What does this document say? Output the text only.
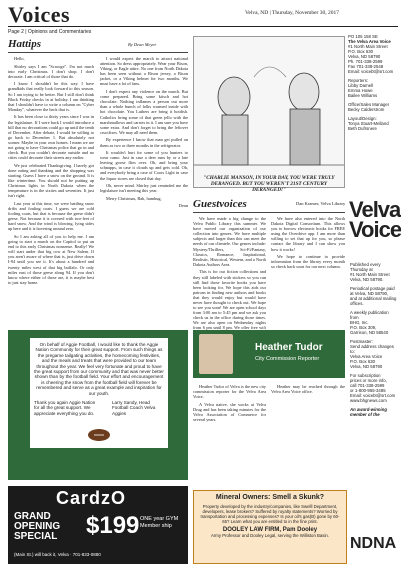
Voices	Velva, ND | Thursday, November 30, 2017
Page 2 | Opinions and Commentaries
Hattips	By Dean Meyer

Hello,

Shirley says I am "Scrooge". I'm not much into early Christmas. I don't shop. I don't decorate. I am critical of those that do.

I know I shouldn't be this way. I have grandkids that really look forward to this season. So I am trying to be better. But I still don't think Black Friday checks in at holiday. I am thinking that I shouldn't have to write a column on "Cyber Monday", whatever the heck that is.

It has been close to thirty years since I was in the legislature. If I were back I would introduce a bill that no decorations could go up until the tenth of December. After debate, I would be willing to go back to December 1. But absolutely not sooner. Maybe in your own homes. I mean we are not going to have Christmas police that go in and check. But you couldn't decorate outside and no cities could decorate their streets any earlier.

We just celebrated Thanksgiving. I barely got done eating and thanking and the shopping was starting. Guess I have a snow on the ground. It is like wintertime. You should not be putting up Christmas lights in North Dakota when the temperature is in the sixties and seventies. It just isn't right.

Last year at this time, we were battling snow drifts and fouling coats. I guess we are cold fooling coats, but that is because the geese didn't geese. Not because it is covered with two-feet of hard snow. And the wind is blowing, lying sides up here and it is hovering around zero.

So I am asking all of you to help me. I am going to start a march on the Capitol to put an end to this early Christmas nonsense. Really! We will start under that big cow at New Salem. If you aren't aware of where that is, just drive down I-94 until you see it. It's about a hundred and twenty miles west of that big buffalo. Or only miles east of those geese along 94. If you don't know where either of those are, it is maybe best to just stay home.

I would expect the march to attract national attention. So dress appropriately. Wear your Bison, Viking, or Eagle attire. No one from North Dakota has been seen without a Bison jersey, a Bison jacket, or a Viking helmet for two months. We must have a lot of fans.

I don't expect any violence on the march. But come prepared. Bring some kitsch and hot chocolate. Nothing inflames a person out more than a whole bunch of folks warmed inside with hot chocolate. You Luthers are bring it hotdish. Catholics bring some of that green jello with the marshmallows and carrots in it. I am sure you have some extra. And don't forget to bring the leftover crucifixes. We may all need them.

By experience I know that man get pulled on them as two or three months in the refrigerator.

It wouldn't hurt for some of you hunters to wear camo. Just in case a deer runs by or a late leaving goose flies over. Oh, and bring your schnapps, in case it clouds up and gets cold. Oh, and everybody bring a case of Coors Light in case the liquor stores are closed that day.

Oh, never mind. Shirley just reminded me the legislature isn't meeting this year.

Merry Christmas, Bah, humbug,

Dean

"CHARLIE MANSON, IN YOUR DAY, YOU WERE TRULY DERANGED. BUT YOU WEREN'T 21ST CENTURY DERANGED!"
Guestvoices	Dan Kramer, Velva Library

We have made a big change to the Velva Public Library this summer. We have moved our organization of our collection into genres. We have multiple subjects and larger than this can meet the needs of our clientele. Our genres include: Mystery/Thrillers, Sci-Fi/Fantasy, Classics, Romance, Inspirational, Realistic, Historical, Western, and a North Dakota Authors Area.

This is for our fiction collections and they still labeled with stickers so you can still find those favorite books you have been looking for. We hope this aids our patrons in finding new authors and books that they would enjoy but would have never have thought to check out. We hope to see you soon! We are open school days from 3:00 am to 5:45 pm and we ask you check us in the office during those times. We are also open on Wednesday nights from 6 pm until 8 pm. We offer free wifi

We have also entered into the North Dakota Digital Consortium. This allows you to borrow electronic books for FREE using the Overdrive app. I am more than willing to set that up for you, so please contact the library and I can show you how it works!

We hope to continue to provide information from the library every month so check back soon for our next column.

On behalf of Aggie Football, I would like to thank the Aggie Nation Community for their great support. From such things as the pregame tailgating activities, the homecoming festivities, and the meals and treats that were provided to our team throughout the year. We feel very fortunate and proud to have the great support from our community and that was never better shown than by the football field. Your effort and encouragement is cheering the snow from the football field will forever be remembered and serve as a great example and inspiration for our youth.
Thank you again Aggie Nation for all the great support. We appreciate everything you do.
Larry Sandy, Head Football Coach Velva Aggies
CardzO
GRAND
OPENING
SPECIAL $199 ONE year GYM Member ship
(Main St.) will back it, Velva · 701-833-0880
Heather Tudor
City Commission Reporter

Heather Tudor of Velva is the new city commission reporter for the Velva Area Voice.

A Velva native, she works at Velva Drug and has been taking minutes for the Velva Association of Commerce for several years.

Heather may be reached through the Velva Area Voice office.

Mineral Owners: Smell a Skunk?
Property developed by the industry/companies, like Swelll Department, developers, lease brokers? Suffered by royalty statements? Worried by transportation and processing expenses? Is your oil's gas(B) gone by 60-65? Learn what you are entitled to in the fine print.
DOOLEY LAW FIRM, Pam Dooley
Army Professor and Dooley Legal, serving the Williston Basin.
PO 105 158 SE
The Velva Area Voice
#1 North Main Street
P.O. Box 630
Velva, ND 58790
Ph. 701-338-2599
Fax 701-338-2548
Email: voicebt@srt.com
Reporters:
Libby Darnell
Emma Howe
Bailee Williams
Office/Sales Manager
Becky Calderstrom
Layout/Design:
Tonya Stuart-Melland
Beth Dufrsnere
Velva
Voice
Published every
Thursday at
#1 North Main Street
Velva, ND 58790.
Periodical postage paid
at Velva, ND 58790,
and at additional mailing
offices.
A weekly publication from
BHG, Inc.
P.O. Box 309,
Garrison, ND 58540
Postmaster:
Send address changes
to:
Velva Area Voice
P.O. Box 630
Velva, ND 58790
For subscription
prices or more info,
call 701-338-2599
or 1-800-955-3485
Email: voicebt@srt.com
www.bhgnews.com
An award-winning
member of the
NDNA
